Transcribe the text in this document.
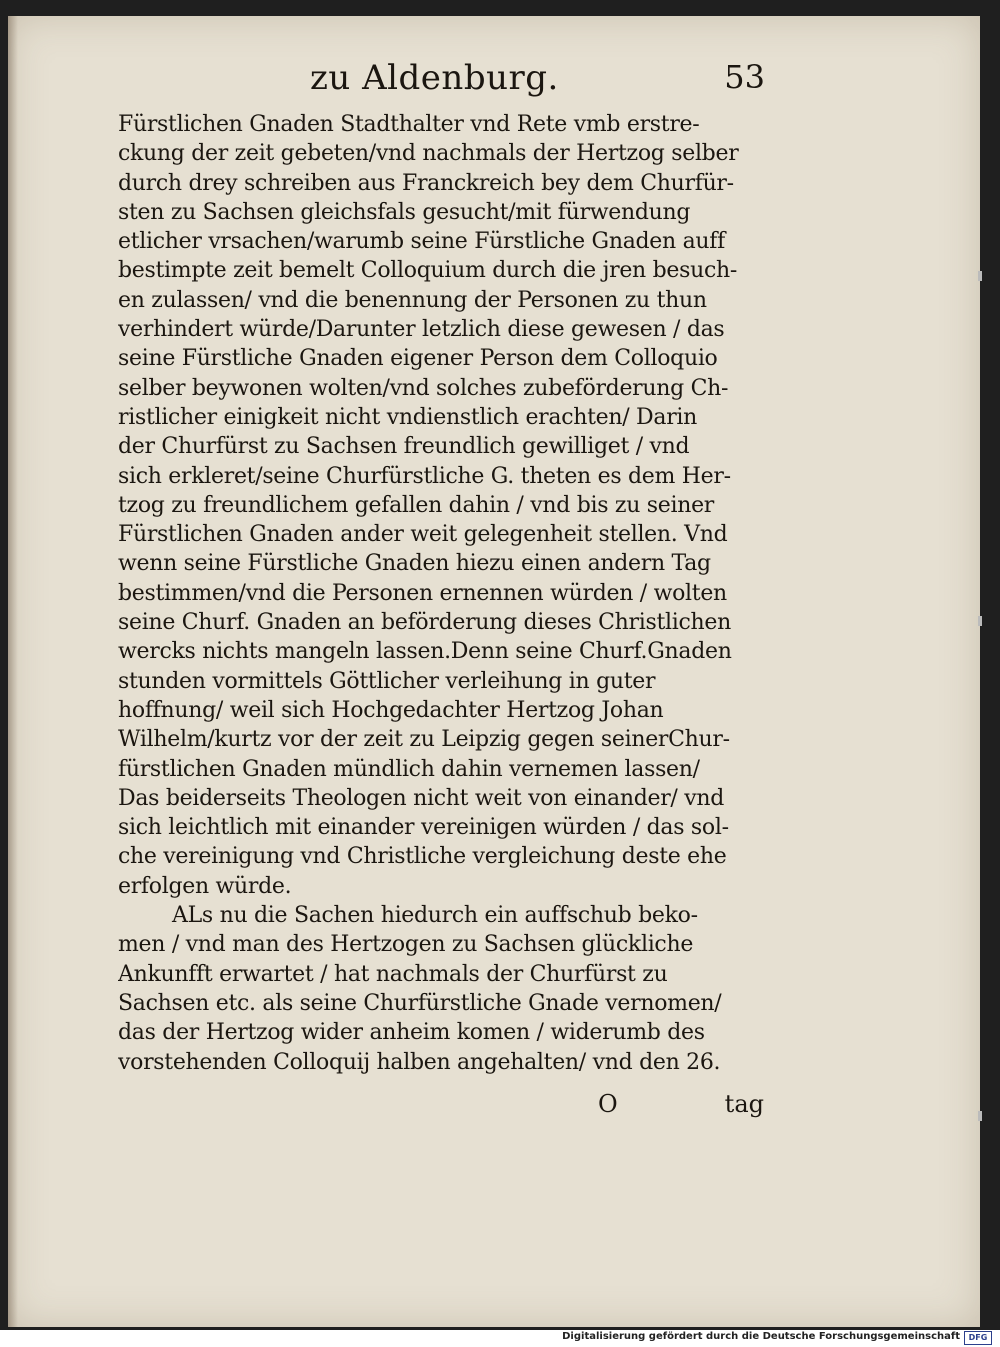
zu Aldenburg.	53
Fürstlichen Gnaden Stadthalter vnd Rete vmb erstre-
ckung der zeit gebeten/vnd nachmals der Hertzog selber
durch drey schreiben aus Franckreich bey dem Churfür-
sten zu Sachsen gleichsfals gesucht/mit fürwendung
etlicher vrsachen/warumb seine Fürstliche Gnaden auff
bestimpte zeit bemelt Colloquium durch die jren besuch-
en zulassen/ vnd die benennung der Personen zu thun
verhindert würde/Darunter letzlich diese gewesen / das
seine Fürstliche Gnaden eigener Person dem Colloquio
selber beywonen wolten/vnd solches zubeförderung Ch-
ristlicher einigkeit nicht vndienstlich erachten/ Darin
der Churfürst zu Sachsen freundlich gewilliget / vnd
sich erkleret/seine Churfürstliche G. theten es dem Her-
tzog zu freundlichem gefallen dahin / vnd bis zu seiner
Fürstlichen Gnaden ander weit gelegenheit stellen. Vnd
wenn seine Fürstliche Gnaden hiezu einen andern Tag
bestimmen/vnd die Personen ernennen würden / wolten
seine Churf. Gnaden an beförderung dieses Christlichen
wercks nichts mangeln lassen.Denn seine Churf.Gnaden
stunden vormittels Göttlicher verleihung in guter
hoffnung/ weil sich Hochgedachter Hertzog Johan
Wilhelm/kurtz vor der zeit zu Leipzig gegen seinerChur-
fürstlichen Gnaden mündlich dahin vernemen lassen/
Das beiderseits Theologen nicht weit von einander/ vnd
sich leichtlich mit einander vereinigen würden / das sol-
che vereinigung vnd Christliche vergleichung deste ehe
erfolgen würde.
ALs nu die Sachen hiedurch ein auffschub beko-
men / vnd man des Hertzogen zu Sachsen glückliche
Ankunfft erwartet / hat nachmals der Churfürst zu
Sachsen etc. als seine Churfürstliche Gnade vernomen/
das der Hertzog wider anheim komen / widerumb des
vorstehenden Colloquij halben angehalten/ vnd den 26.
O	tag
Digitalisierung gefördert durch die Deutsche Forschungsgemeinschaft	DFG
